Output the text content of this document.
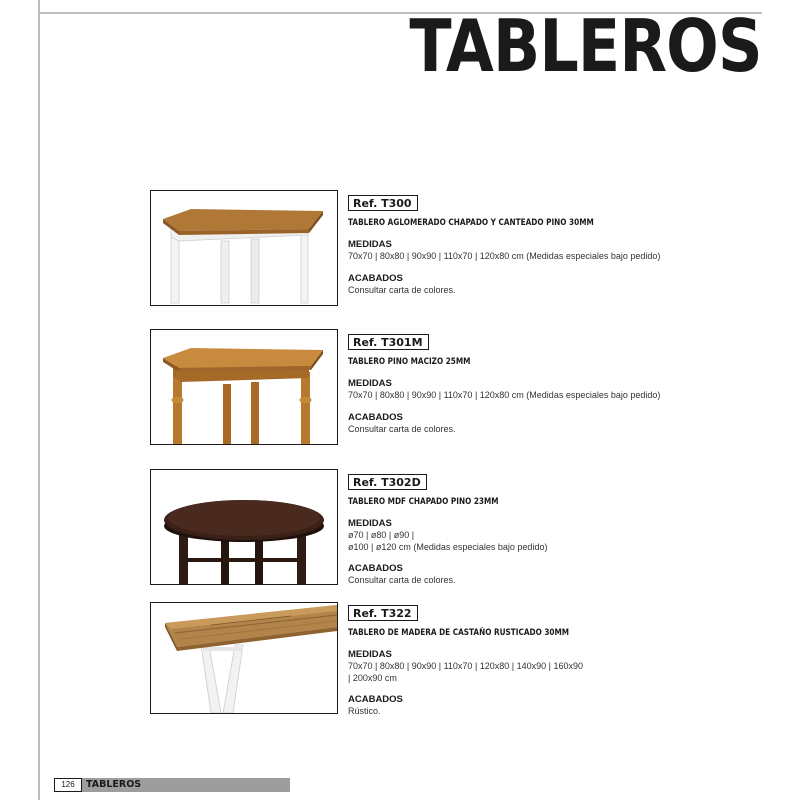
TABLEROS
Ref. T300
TABLERO AGLOMERADO CHAPADO Y CANTEADO PINO 30MM
MEDIDAS
70x70 | 80x80 | 90x90 | 110x70 | 120x80 cm (Medidas especiales bajo pedido)
ACABADOS
Consultar carta de colores.
Ref. T301M
TABLERO PINO MACIZO 25MM
MEDIDAS
70x70 | 80x80 | 90x90 | 110x70 | 120x80 cm (Medidas especiales bajo pedido)
ACABADOS
Consultar carta de colores.
Ref. T302D
TABLERO MDF CHAPADO PINO 23MM
MEDIDAS
ø70 | ø80 | ø90 |
ø100 | ø120 cm (Medidas especiales bajo pedido)
ACABADOS
Consultar carta de colores.
Ref. T322
TABLERO DE MADERA DE CASTAÑO RUSTICADO 30MM
MEDIDAS
70x70 | 80x80 | 90x90 | 110x70 | 120x80 | 140x90 | 160x90
| 200x90 cm
ACABADOS
Rústico.
126	TABLEROS
